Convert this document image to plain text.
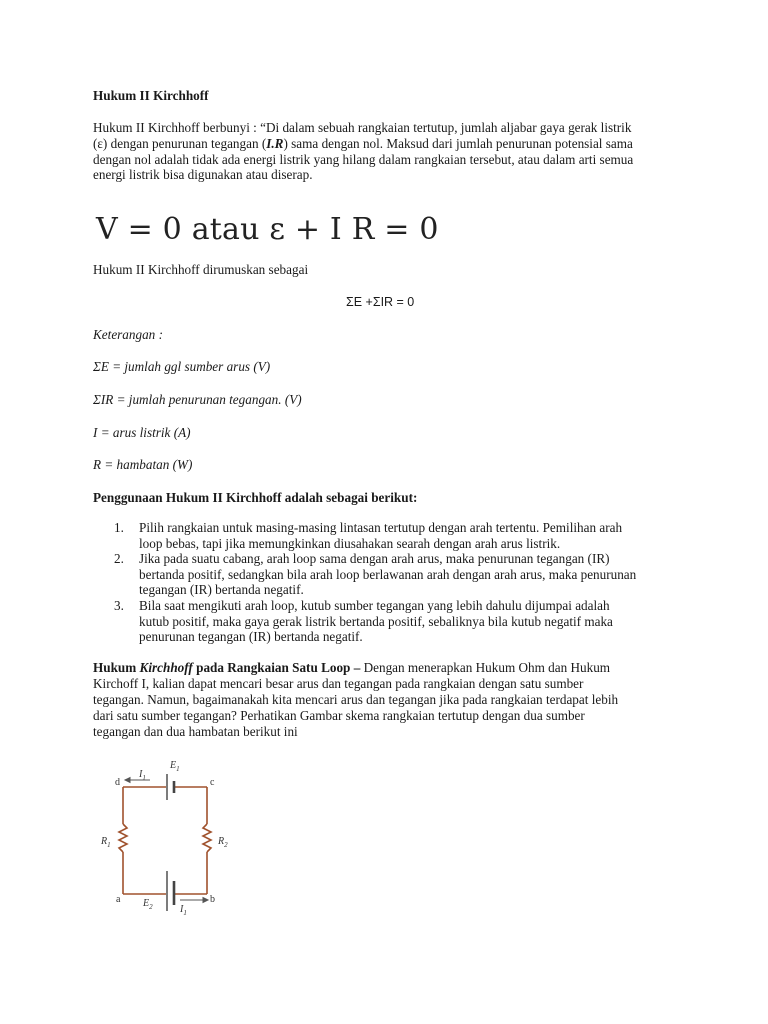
Hukum II Kirchhoff
Hukum II Kirchhoff berbunyi : “Di dalam sebuah rangkaian tertutup, jumlah aljabar gaya gerak listrik
(ε) dengan penurunan tegangan (I.R) sama dengan nol. Maksud dari jumlah penurunan potensial sama
dengan nol adalah tidak ada energi listrik yang hilang dalam rangkaian tersebut, atau dalam arti semua
energi listrik bisa digunakan atau diserap.
V = 0 atau ε + I R = 0
Hukum II Kirchhoff dirumuskan sebagai
ΣE +ΣIR = 0
Keterangan :
ΣE = jumlah ggl sumber arus (V)
ΣIR = jumlah penurunan tegangan. (V)
I = arus listrik (A)
R = hambatan (W)
Penggunaan Hukum II Kirchhoff adalah sebagai berikut:
1. Pilih rangkaian untuk masing-masing lintasan tertutup dengan arah tertentu. Pemilihan arah
loop bebas, tapi jika memungkinkan diusahakan searah dengan arah arus listrik.
2. Jika pada suatu cabang, arah loop sama dengan arah arus, maka penurunan tegangan (IR)
bertanda positif, sedangkan bila arah loop berlawanan arah dengan arah arus, maka penurunan
tegangan (IR) bertanda negatif.
3. Bila saat mengikuti arah loop, kutub sumber tegangan yang lebih dahulu dijumpai adalah
kutub positif, maka gaya gerak listrik bertanda positif, sebaliknya bila kutub negatif maka
penurunan tegangan (IR) bertanda negatif.
Hukum Kirchhoff pada Rangkaian Satu Loop – Dengan menerapkan Hukum Ohm dan Hukum
Kirchoff I, kalian dapat mencari besar arus dan tegangan pada rangkaian dengan satu sumber
tegangan. Namun, bagaimanakah kita mencari arus dan tegangan jika pada rangkaian terdapat lebih
dari satu sumber tegangan? Perhatikan Gambar skema rangkaian tertutup dengan dua sumber
tegangan dan dua hambatan berikut ini
d	c
a	b
$E_1$
$I_1$
$R_1$	$R_2$
$E_2$	$I_1$
